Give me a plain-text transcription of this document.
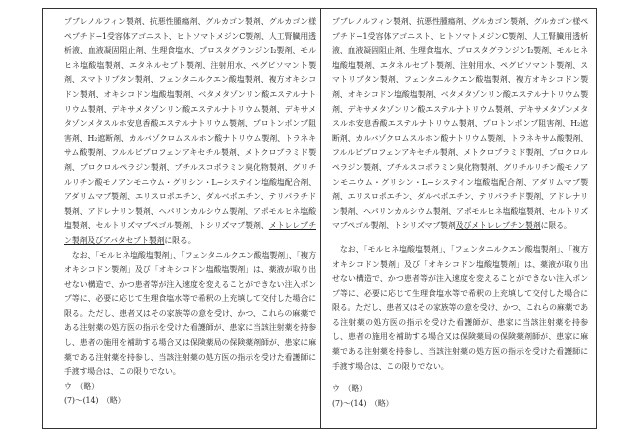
プブレノルフィン製剤、抗悪性腫瘍剤、グルカゴン製剤、グルカゴン様ペプチド−1受容体アゴニスト、ヒトソマトメジンC製剤、人工腎臓用透析液、血液凝固阻止剤、生理食塩水、プロスタグランジンI₂製剤、モルヒネ塩酸塩製剤、エタネルセプト製剤、注射用水、ペグビソマント製剤、スマトリプタン製剤、フェンタニルクエン酸塩製剤、複方オキシコドン製剤、オキシコドン塩酸塩製剤、ベタメタゾンリン酸エステルナトリウム製剤、デキサメタゾンリン酸エステルナトリウム製剤、デキサメタゾンメタスルホ安息香酸エステルナトリウム製剤、プロトンポンプ阻害剤、H₂遮断剤、カルバゾクロムスルホン酸ナトリウム製剤、トラネキサム酸製剤、フルルビプロフェンアキセチル製剤、メトクロプラミド製剤、プロクロルペラジン製剤、ブチルスコポラミン臭化物製剤、グリチルリチン酸モノアンモニウム・グリシン・L−システイン塩酸塩配合剤、アダリムマブ製剤、エリスロポエチン、ダルベポエチン、テリパラチド製剤、アドレナリン製剤、ヘパリンカルシウム製剤、アポモルヒネ塩酸塩製剤、セルトリズマブペゴル製剤、トシリズマブ製剤、メトレレプチン製剤及びアバタセプト製剤に限る。

なお、「モルヒネ塩酸塩製剤」、「フェンタニルクエン酸塩製剤」、「複方オキシコドン製剤」及び「オキシコドン塩酸塩製剤」は、薬液が取り出せない構造で、かつ患者等が注入速度を変えることができない注入ポンプ等に、必要に応じて生理食塩水等で希釈の上充填して交付した場合に限る。ただし、患者又はその家族等の意を受け、かつ、これらの麻薬である注射薬の処方医の指示を受けた看護師が、患家に当該注射薬を持参し、患者の施用を補助する場合又は保険薬局の保険薬剤師が、患家に麻薬である注射薬を持参し、当該注射薬の処方医の指示を受けた看護師に手渡す場合は、この限りでない。

ウ　（略）

(7)～(14)　（略）

プブレノルフィン製剤、抗悪性腫瘍剤、グルカゴン製剤、グルカゴン様ペプチド−1受容体アゴニスト、ヒトソマトメジンC製剤、人工腎臓用透析液、血液凝固阻止剤、生理食塩水、プロスタグランジンI₂製剤、モルヒネ塩酸塩製剤、エタネルセプト製剤、注射用水、ペグビソマント製剤、スマトリプタン製剤、フェンタニルクエン酸塩製剤、複方オキシコドン製剤、オキシコドン塩酸塩製剤、ベタメタゾンリン酸エステルナトリウム製剤、デキサメタゾンリン酸エステルナトリウム製剤、デキサメタゾンメタスルホ安息香酸エステルナトリウム製剤、プロトンポンプ阻害剤、H₂遮断剤、カルバゾクロムスルホン酸ナトリウム製剤、トラネキサム酸製剤、フルルビプロフェンアキセチル製剤、メトクロプラミド製剤、プロクロルペラジン製剤、ブチルスコポラミン臭化物製剤、グリチルリチン酸モノアンモニウム・グリシン・L−システイン塩酸塩配合剤、アダリムマブ製剤、エリスロポエチン、ダルベポエチン、テリパラチド製剤、アドレナリン製剤、ヘパリンカルシウム製剤、アポモルヒネ塩酸塩製剤、セルトリズマブペゴル製剤、トシリズマブ製剤及びメトレレプチン製剤に限る。

なお、「モルヒネ塩酸塩製剤」、「フェンタニルクエン酸塩製剤」、「複方オキシコドン製剤」及び「オキシコドン塩酸塩製剤」は、薬液が取り出せない構造で、かつ患者等が注入速度を変えることができない注入ポンプ等に、必要に応じて生理食塩水等で希釈の上充填して交付した場合に限る。ただし、患者又はその家族等の意を受け、かつ、これらの麻薬である注射薬の処方医の指示を受けた看護師が、患家に当該注射薬を持参し、患者の施用を補助する場合又は保険薬局の保険薬剤師が、患家に麻薬である注射薬を持参し、当該注射薬の処方医の指示を受けた看護師に手渡す場合は、この限りでない。

ウ　（略）

(7)～(14)　（略）
